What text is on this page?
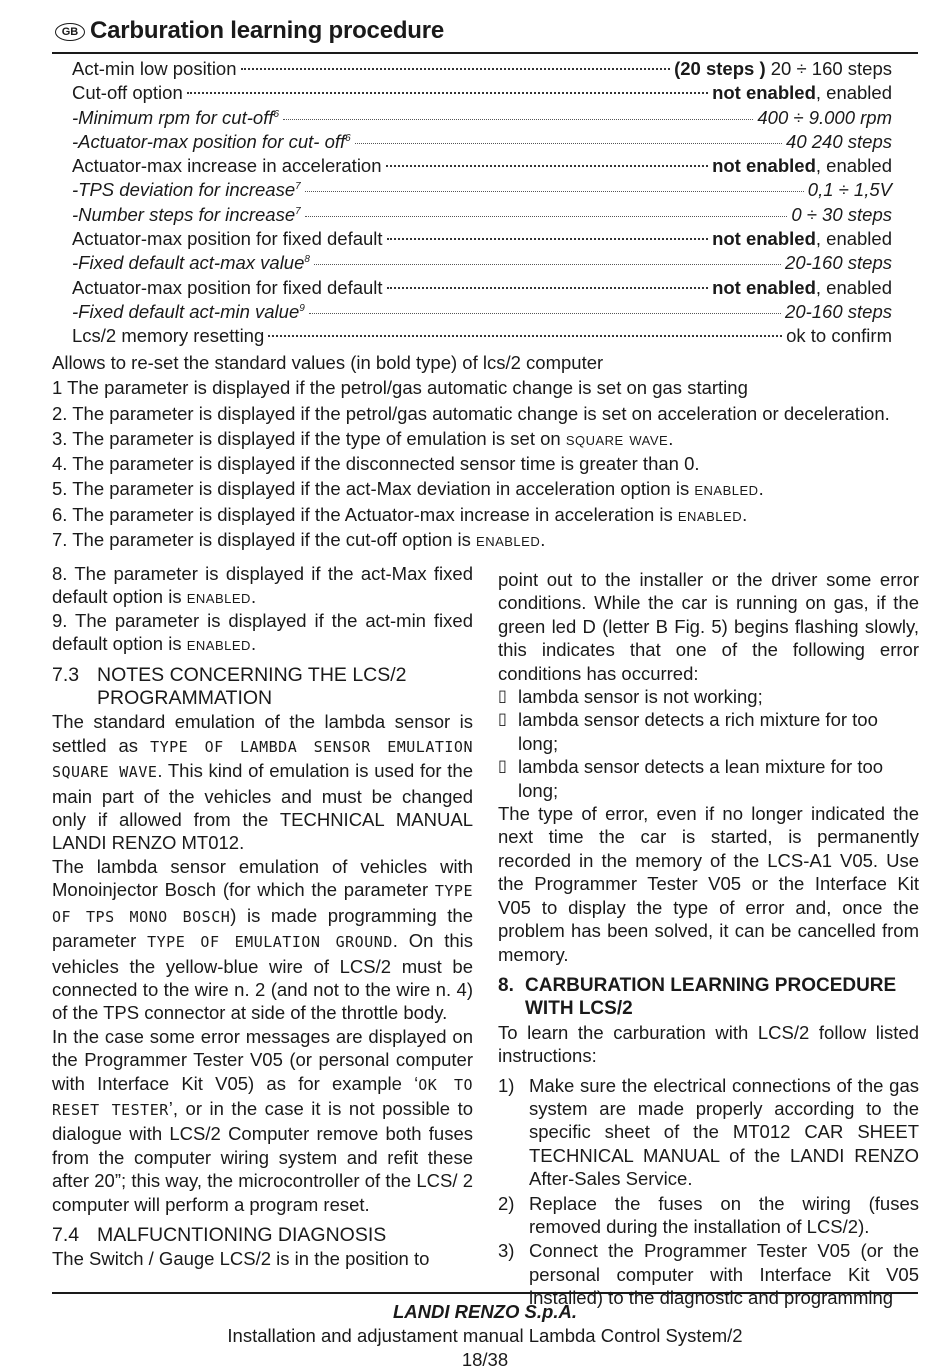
GB Carburation learning procedure
Act-min low position	(20 steps ) 20 ÷ 160 steps
Cut-off option	not enabled, enabled
-Minimum rpm for cut-off$^6$	400 ÷ 9.000 rpm
-Actuator-max position for cut- off$^6$	40 240 steps
Actuator-max increase in acceleration	not enabled, enabled
-TPS deviation for increase$^7$	0,1 ÷ 1,5V
-Number steps for increase$^7$	0 ÷ 30 steps
Actuator-max position for fixed default	not enabled, enabled
-Fixed default act-max value$^8$	20-160 steps
Actuator-max position for fixed default	not enabled, enabled
-Fixed default act-min value$^9$	20-160 steps
Lcs/2 memory resetting	ok to confirm
Allows to re-set the standard values (in bold type) of lcs/2 computer
1 The parameter is displayed if the petrol/gas automatic change is set on gas starting
2. The parameter is displayed if the petrol/gas automatic change is set on acceleration or deceleration.
3. The parameter is displayed if the type of emulation is set on square wave.
4. The parameter is displayed if the disconnected sensor time is greater than 0.
5. The parameter is displayed if the act-Max deviation in acceleration option is enabled.
6. The parameter is displayed if the Actuator-max increase in acceleration is enabled.
7. The parameter is displayed if the cut-off option is enabled.

8. The parameter is displayed if the act-Max fixed default option is enabled.

9. The parameter is displayed if the act-min fixed default option is enabled.

7.3 NOTES CONCERNING THE LCS/2 PROGRAMMATION

The standard emulation of the lambda sensor is settled as TYPE OF LAMBDA SENSOR EMULATION SQUARE WAVE. This kind of emulation is used for the main part of the vehicles and must be changed only if allowed from the TECHNICAL MANUAL LANDI RENZO MT012.

The lambda sensor emulation of vehicles with Monoinjector Bosch (for which the parameter TYPE OF TPS MONO BOSCH) is made programming the parameter TYPE OF EMULATION GROUND. On this vehicles the yellow-blue wire of LCS/2 must be connected to the wire n. 2 (and not to the wire n. 4) of the TPS connector at side of the throttle body.

In the case some error messages are displayed on the Programmer Tester V05 (or personal computer with Interface Kit V05) as for example ‘OK TO RESET TESTER’, or in the case it is not possible to dialogue with LCS/2 Computer remove both fuses from the computer wiring system and refit these after 20”; this way, the microcontroller of the LCS/ 2 computer will perform a program reset.

7.4 MALFUCNTIONING DIAGNOSIS

The Switch / Gauge LCS/2 is in the position to

point out to the installer or the driver some error conditions. While the car is running on gas, if the green led D (letter B Fig. 5) begins flashing slowly, this indicates that one of the following error conditions has occurred:

▯ lambda sensor is not working;
▯ lambda sensor detects a rich mixture for too long;
▯ lambda sensor detects a lean mixture for too long;

The type of error, even if no longer indicated the next time the car is started, is permanently recorded in the memory of the LCS-A1 V05. Use the Programmer Tester V05 or the Interface Kit V05 to display the type of error and, once the problem has been solved, it can be cancelled from memory.

8. CARBURATION LEARNING PROCEDURE WITH LCS/2

To learn the carburation with LCS/2 follow listed instructions:

1) Make sure the electrical connections of the gas system are made properly according to the specific sheet of the MT012 CAR SHEET TECHNICAL MANUAL of the LANDI RENZO After-Sales Service.
2) Replace the fuses on the wiring (fuses removed during the installation of LCS/2).
3) Connect the Programmer Tester V05 (or the personal computer with Interface Kit V05 installed) to the diagnostic and programming
LANDI RENZO S.p.A.
Installation and adjustament manual Lambda Control System/2
18/38
